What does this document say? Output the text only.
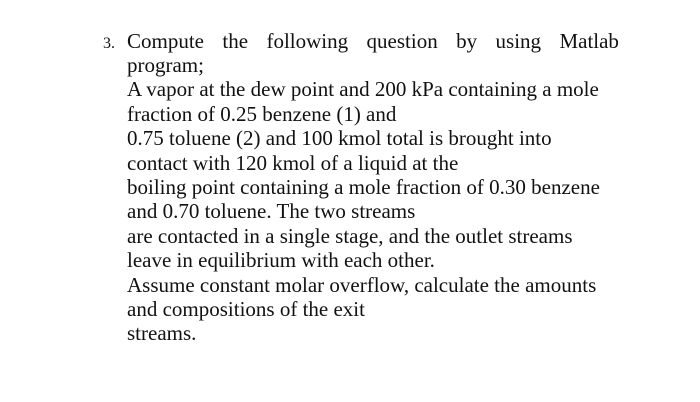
3. Compute the following question by using Matlab
program;
A vapor at the dew point and 200 kPa containing a mole
fraction of 0.25 benzene (1) and
0.75 toluene (2) and 100 kmol total is brought into
contact with 120 kmol of a liquid at the
boiling point containing a mole fraction of 0.30 benzene
and 0.70 toluene. The two streams
are contacted in a single stage, and the outlet streams
leave in equilibrium with each other.
Assume constant molar overflow, calculate the amounts
and compositions of the exit
streams.
